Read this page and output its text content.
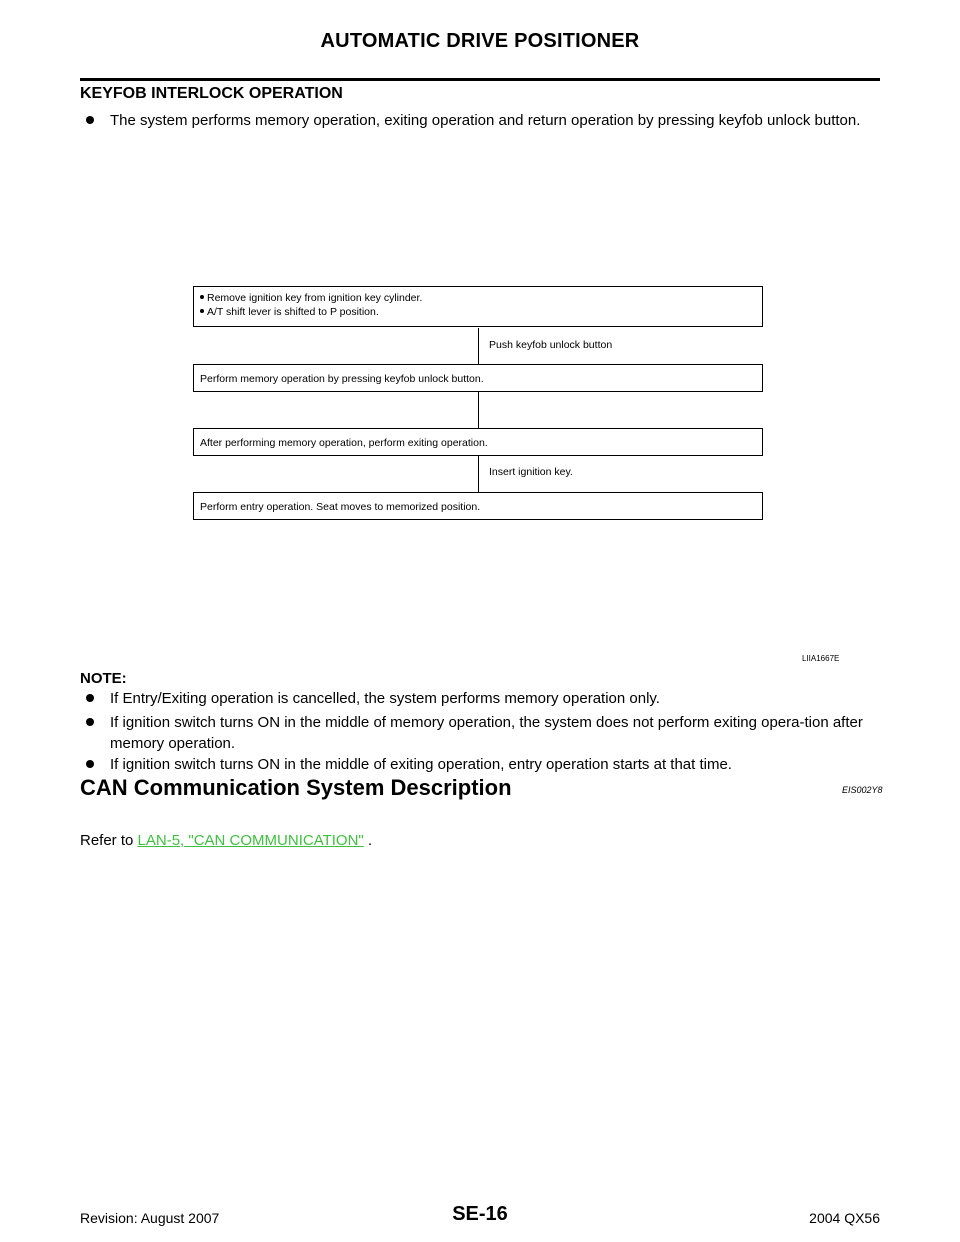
AUTOMATIC DRIVE POSITIONER
KEYFOB INTERLOCK OPERATION
The system performs memory operation, exiting operation and return operation by pressing keyfob unlock button.
Remove ignition key from ignition key cylinder.
A/T shift lever is shifted to P position.
Push keyfob unlock button
Perform memory operation by pressing keyfob unlock button.
After performing memory operation, perform exiting operation.
Insert ignition key.
Perform entry operation. Seat moves to memorized position.
LIIA1667E
NOTE:
If Entry/Exiting operation is cancelled, the system performs memory operation only.
If ignition switch turns ON in the middle of memory operation, the system does not perform exiting opera-tion after memory operation.
If ignition switch turns ON in the middle of exiting operation, entry operation starts at that time.
CAN Communication System Description	EIS002Y8
Refer to LAN-5, "CAN COMMUNICATION" .
Revision: August 2007	SE-16	2004 QX56
